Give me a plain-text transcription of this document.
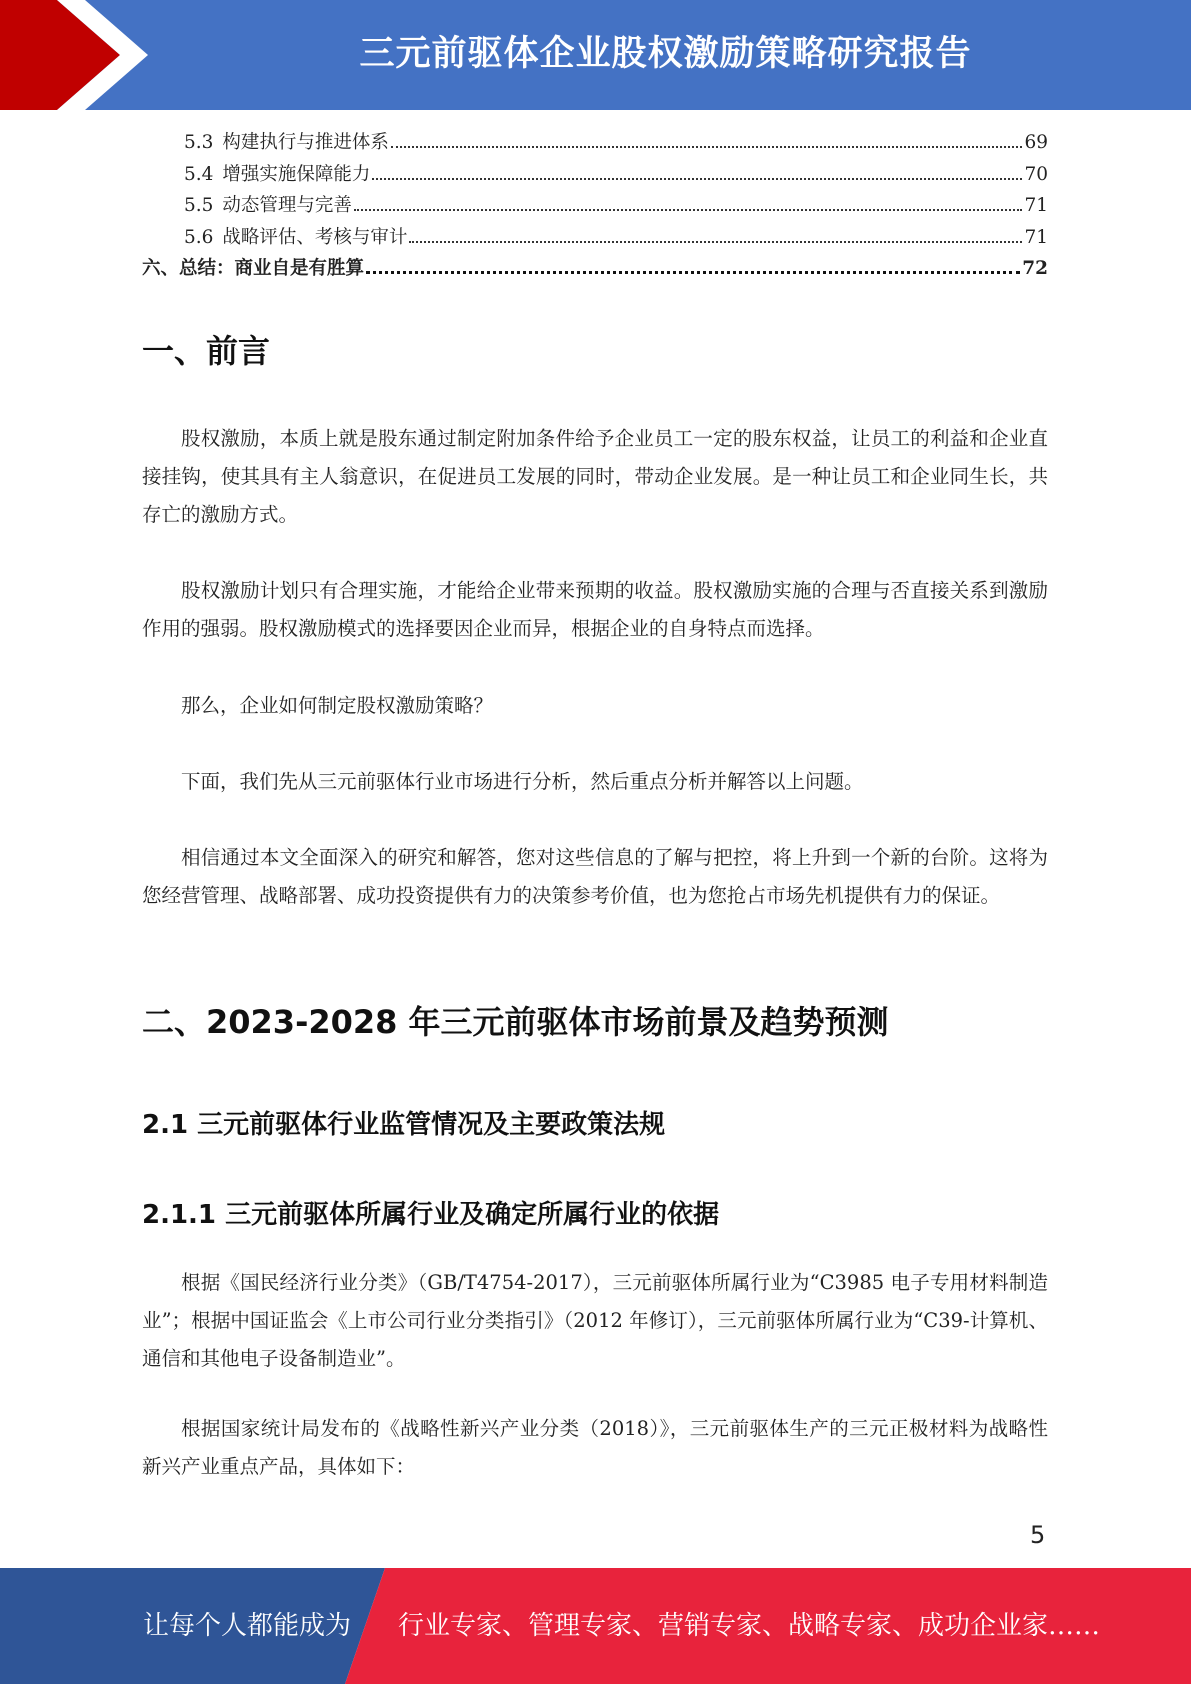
三元前驱体企业股权激励策略研究报告
5.3 构建执行与推进体系	69
5.4 增强实施保障能力	70
5.5 动态管理与完善	71
5.6 战略评估、考核与审计	71
六、总结：商业自是有胜算	72
一、前言

股权激励，本质上就是股东通过制定附加条件给予企业员工一定的股东权益，让员工的利益和企业直接挂钩，使其具有主人翁意识，在促进员工发展的同时，带动企业发展。是一种让员工和企业同生长，共存亡的激励方式。

股权激励计划只有合理实施，才能给企业带来预期的收益。股权激励实施的合理与否直接关系到激励作用的强弱。股权激励模式的选择要因企业而异，根据企业的自身特点而选择。

那么，企业如何制定股权激励策略？

下面，我们先从三元前驱体行业市场进行分析，然后重点分析并解答以上问题。

相信通过本文全面深入的研究和解答，您对这些信息的了解与把控，将上升到一个新的台阶。这将为您经营管理、战略部署、成功投资提供有力的决策参考价值，也为您抢占市场先机提供有力的保证。

二、2023-2028 年三元前驱体市场前景及趋势预测
2.1 三元前驱体行业监管情况及主要政策法规
2.1.1 三元前驱体所属行业及确定所属行业的依据

根据《国民经济行业分类》（GB/T4754-2017），三元前驱体所属行业为“C3985 电子专用材料制造业”；根据中国证监会《上市公司行业分类指引》（2012 年修订），三元前驱体所属行业为“C39-计算机、通信和其他电子设备制造业”。

根据国家统计局发布的《战略性新兴产业分类（2018）》，三元前驱体生产的三元正极材料为战略性新兴产业重点产品，具体如下：

5
让每个人都能成为 行业专家、管理专家、营销专家、战略专家、成功企业家……
